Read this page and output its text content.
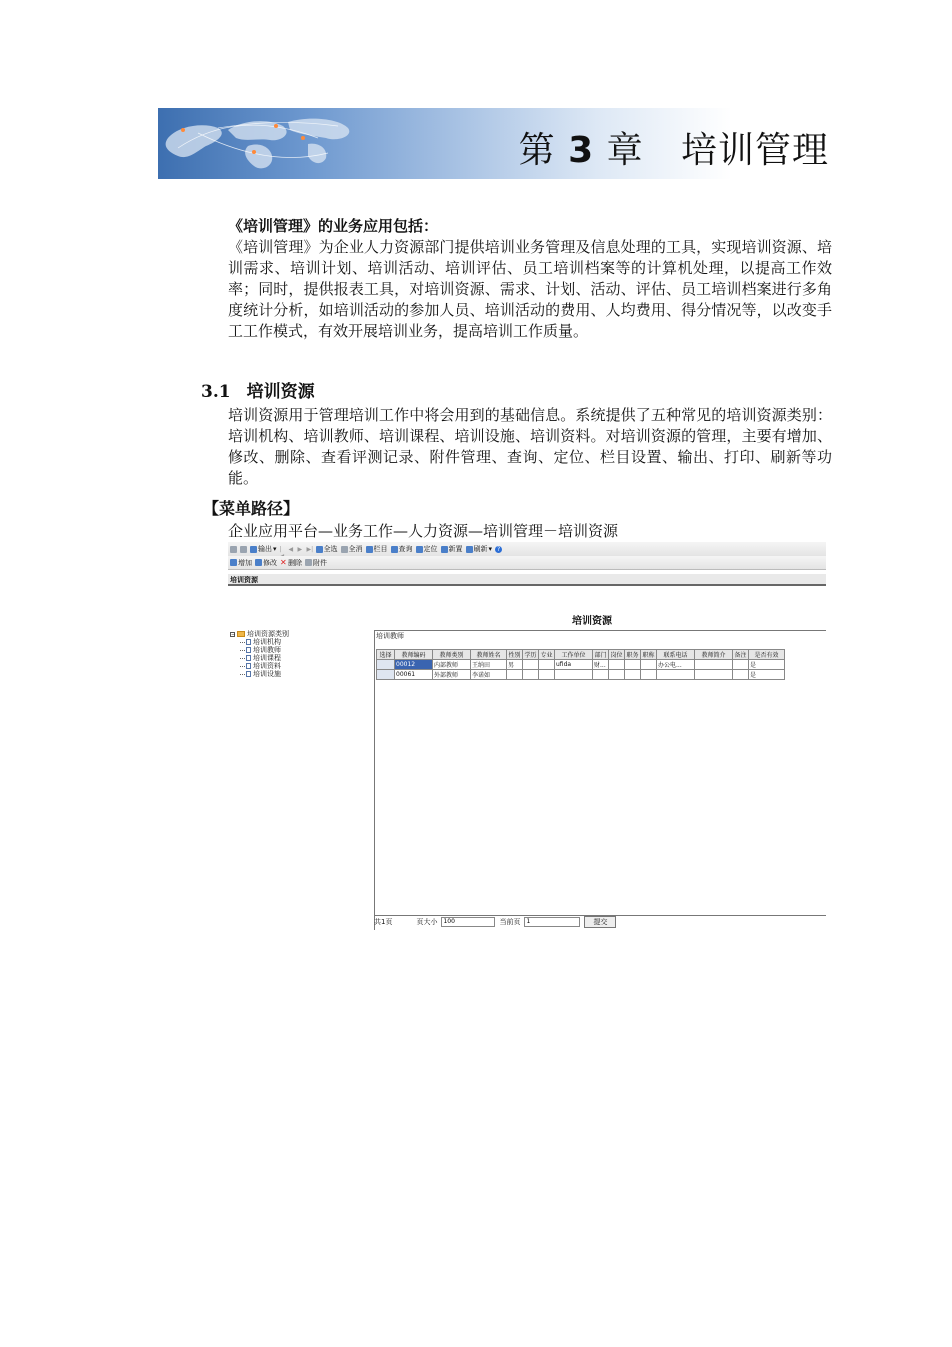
第 3 章 培训管理
《培训管理》的业务应用包括：
《培训管理》为企业人力资源部门提供培训业务管理及信息处理的工具，实现培训资源、培训需求、培训计划、培训活动、培训评估、员工培训档案等的计算机处理，以提高工作效率；同时，提供报表工具，对培训资源、需求、计划、活动、评估、员工培训档案进行多角度统计分析，如培训活动的参加人员、培训活动的费用、人均费用、得分情况等，以改变手工工作模式，有效开展培训业务，提高培训工作质量。
3.1 培训资源
培训资源用于管理培训工作中将会用到的基础信息。系统提供了五种常见的培训资源类别：培训机构、培训教师、培训课程、培训设施、培训资料。对培训资源的管理，主要有增加、修改、删除、查看评测记录、附件管理、查询、定位、栏目设置、输出、打印、刷新等功能。
【菜单路径】
企业应用平台—业务工作—人力资源—培训管理－培训资源
输出 ▾ |	◀ ▶ ▶| 全选 全消 栏目 查询 定位 新置 刷新 ▾ ?
增加 修改 ✕ 删除 附件
培训资源
培训资源
− 培训资源类别
培训机构
培训教师
培训课程
培训资料
培训设施
培训教师
选择	教师编码	教师类别	教师姓名	性别	学历	专业	工作单位	部门	岗位	职务	职称	联系电话	教师简介	备注	是否有效
	00012	内部教师	王纳田	男			ufida	财...				办公电...			是
	00061	外部教师	李诺如												是
共1页	页大小
100	当前页
1	提交
